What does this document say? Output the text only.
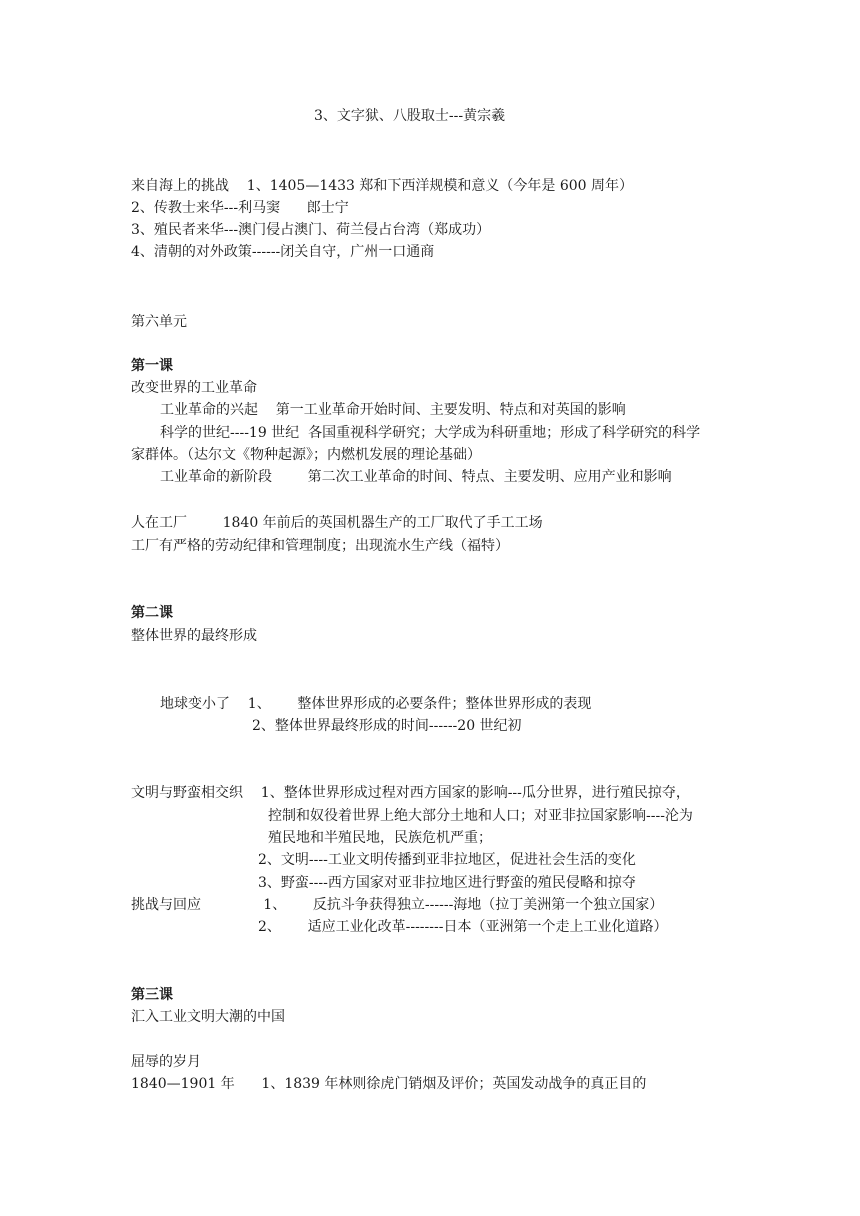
3、文字狱、八股取士---黄宗羲
来自海上的挑战    1、1405—1433 郑和下西洋规模和意义（今年是 600 周年）
2、传教士来华---利马窦      郎士宁
3、殖民者来华---澳门侵占澳门、荷兰侵占台湾（郑成功）
4、清朝的对外政策------闭关自守，广州一口通商
第六单元
第一课
改变世界的工业革命
工业革命的兴起    第一工业革命开始时间、主要发明、特点和对英国的影响
科学的世纪----19 世纪  各国重视科学研究；大学成为科研重地；形成了科学研究的科学
家群体。（达尔文《物种起源》；内燃机发展的理论基础）
工业革命的新阶段        第二次工业革命的时间、特点、主要发明、应用产业和影响
人在工厂        1840 年前后的英国机器生产的工厂取代了手工工场
工厂有严格的劳动纪律和管理制度；出现流水生产线（福特）
第二课
整体世界的最终形成
地球变小了    1、      整体世界形成的必要条件；整体世界形成的表现
2、整体世界最终形成的时间------20 世纪初
文明与野蛮相交织    1、整体世界形成过程对西方国家的影响---瓜分世界，进行殖民掠夺，
控制和奴役着世界上绝大部分土地和人口；对亚非拉国家影响----沦为
殖民地和半殖民地，民族危机严重；
2、文明----工业文明传播到亚非拉地区，促进社会生活的变化
3、野蛮----西方国家对亚非拉地区进行野蛮的殖民侵略和掠夺
挑战与回应              1、      反抗斗争获得独立------海地（拉丁美洲第一个独立国家）
2、      适应工业化改革--------日本（亚洲第一个走上工业化道路）
第三课
汇入工业文明大潮的中国
屈辱的岁月
1840—1901 年      1、1839 年林则徐虎门销烟及评价；英国发动战争的真正目的
